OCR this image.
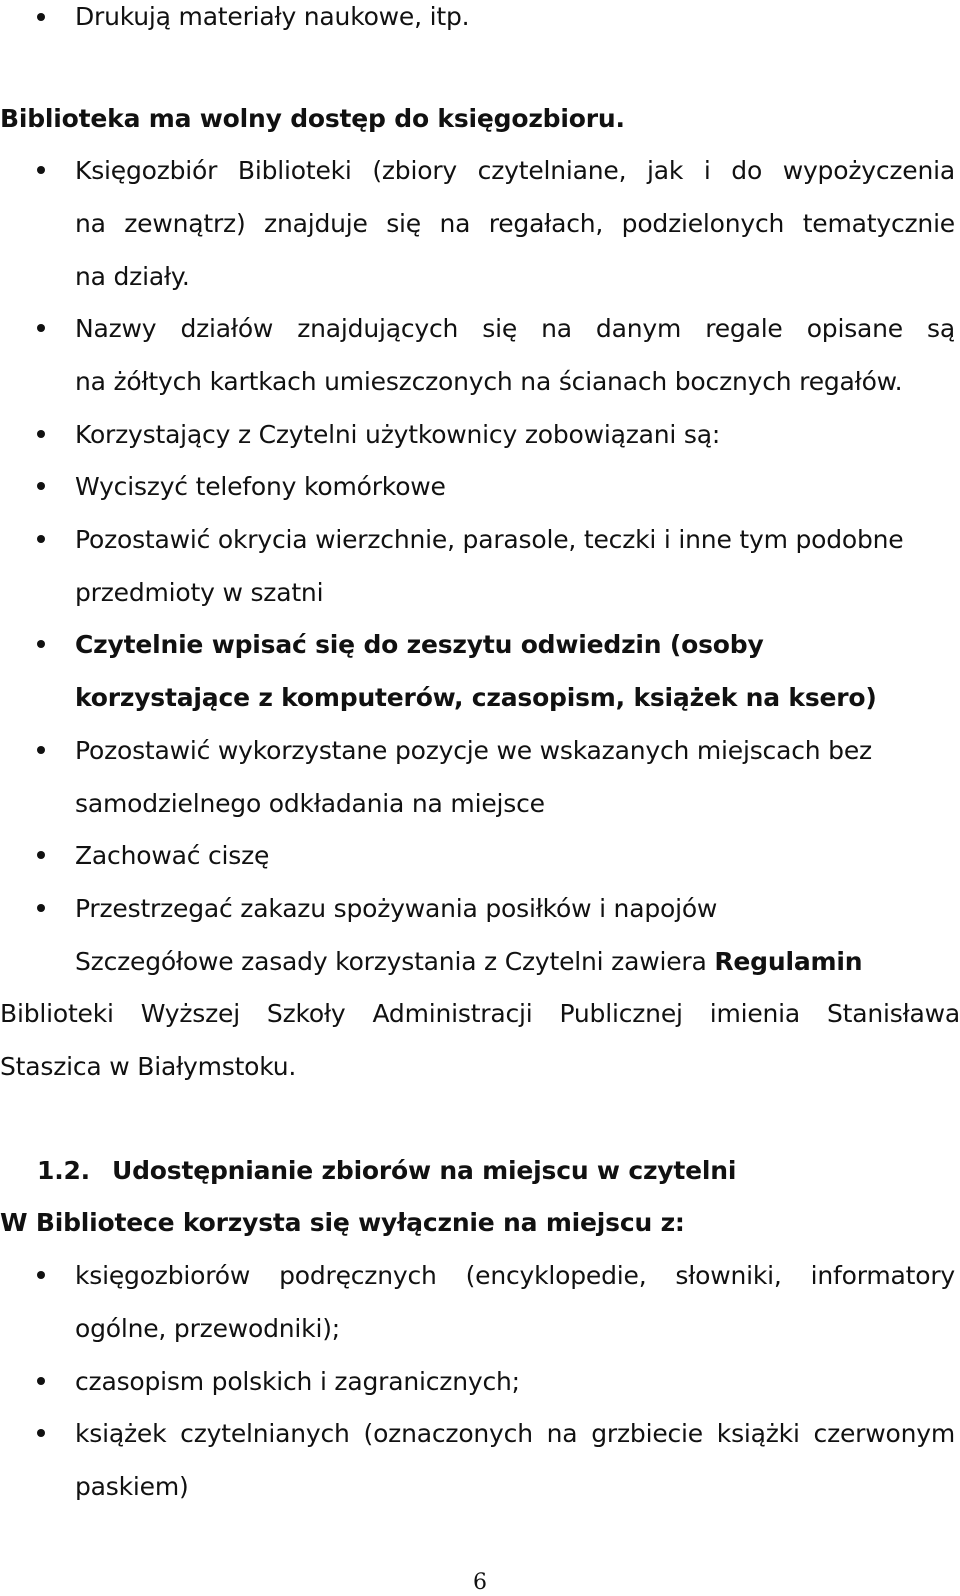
Drukują materiały naukowe, itp.
Biblioteka ma wolny dostęp do księgozbioru.
Księgozbiór Biblioteki (zbiory czytelniane, jak i do wypożyczenia
na zewnątrz) znajduje się na regałach, podzielonych tematycznie
na działy.
Nazwy działów znajdujących się na danym regale opisane są
na żółtych kartkach umieszczonych na ścianach bocznych regałów.
Korzystający z Czytelni użytkownicy zobowiązani są:
Wyciszyć telefony komórkowe
Pozostawić okrycia wierzchnie, parasole, teczki i inne tym podobne
przedmioty w szatni
Czytelnie wpisać się do zeszytu odwiedzin (osoby
korzystające z komputerów, czasopism, książek na ksero)
Pozostawić wykorzystane pozycje we wskazanych miejscach bez
samodzielnego odkładania na miejsce
Zachować ciszę
Przestrzegać zakazu spożywania posiłków i napojów
Szczegółowe zasady korzystania z Czytelni zawiera Regulamin
Biblioteki Wyższej Szkoły Administracji Publicznej imienia Stanisława
Staszica w Białymstoku.
1.2. Udostępnianie zbiorów na miejscu w czytelni
W Bibliotece korzysta się wyłącznie na miejscu z:
księgozbiorów podręcznych (encyklopedie, słowniki, informatory
ogólne, przewodniki);
czasopism polskich i zagranicznych;
książek czytelnianych (oznaczonych na grzbiecie książki czerwonym
paskiem)
6
